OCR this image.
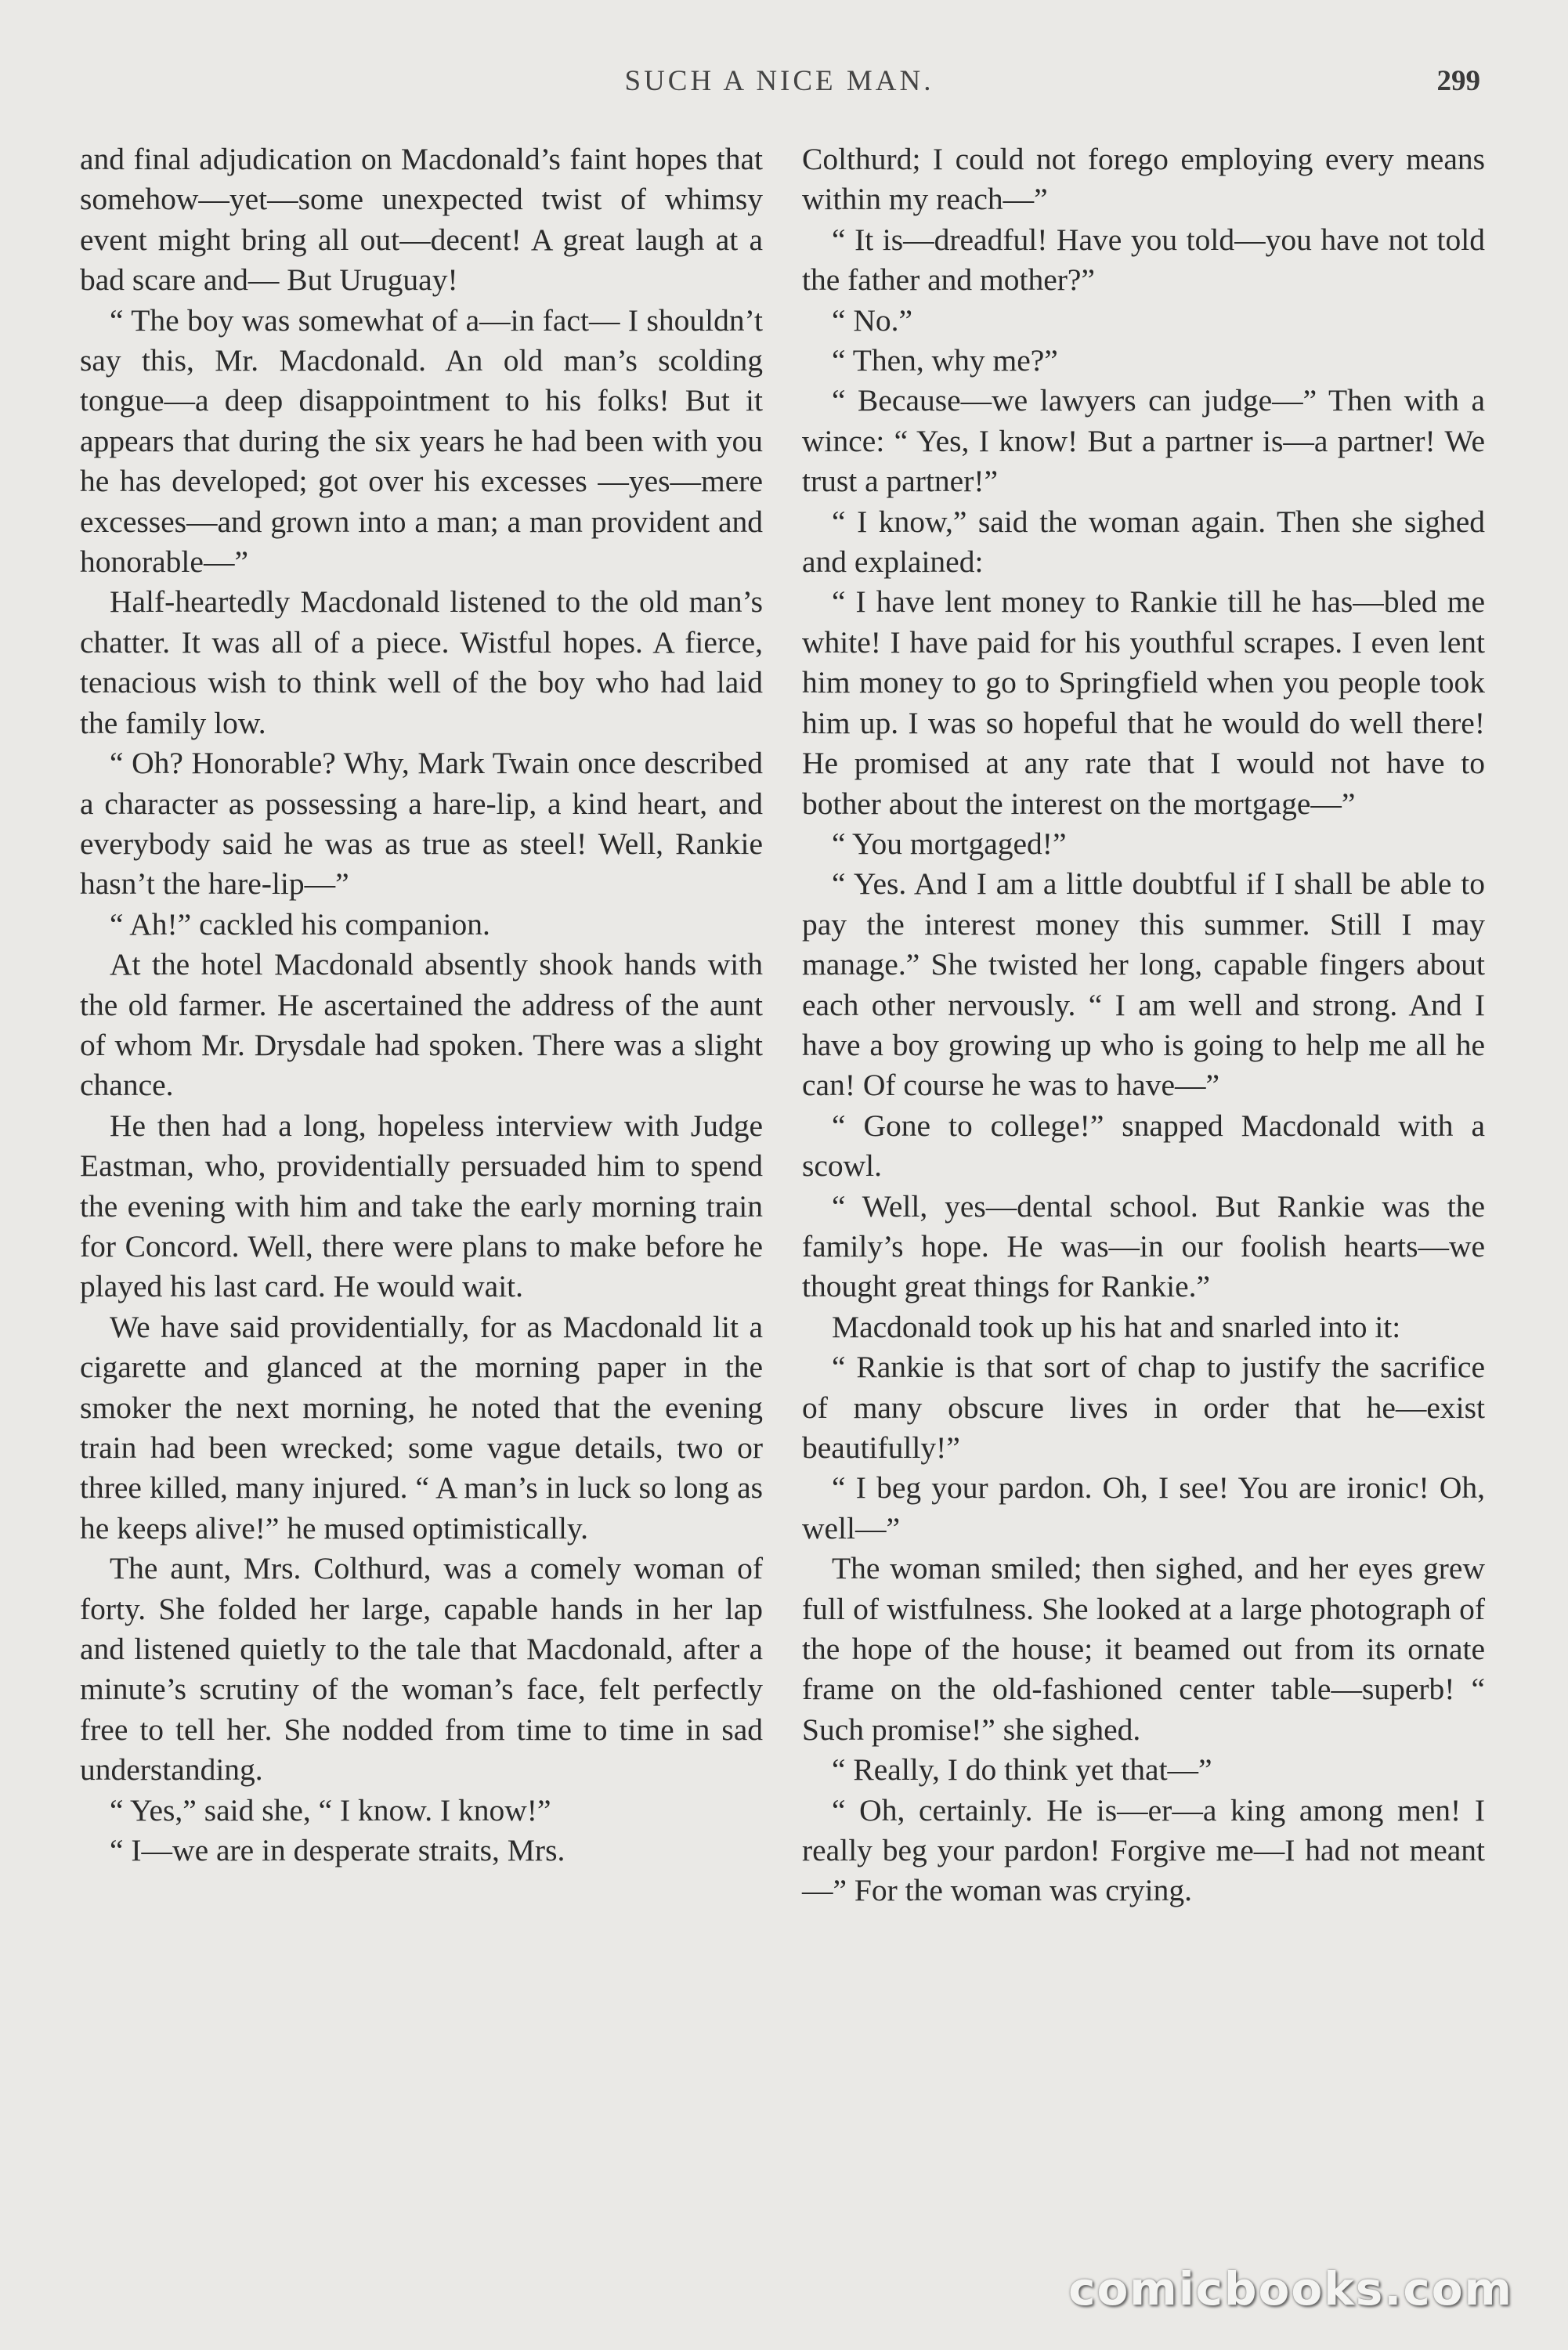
SUCH A NICE MAN.	299

and final adjudication on Macdonald’s faint hopes that somehow—yet—some unexpected twist of whimsy event might bring all out—decent! A great laugh at a bad scare and— But Uruguay!

“ The boy was somewhat of a—in fact— I shouldn’t say this, Mr. Macdonald. An old man’s scolding tongue—a deep disappointment to his folks! But it appears that during the six years he had been with you he has developed; got over his excesses —yes—mere excesses—and grown into a man; a man provident and honorable—”

Half-heartedly Macdonald listened to the old man’s chatter. It was all of a piece. Wistful hopes. A fierce, tenacious wish to think well of the boy who had laid the family low.

“ Oh? Honorable? Why, Mark Twain once described a character as possessing a hare-lip, a kind heart, and everybody said he was as true as steel! Well, Rankie hasn’t the hare-lip—”

“ Ah!” cackled his companion.

At the hotel Macdonald absently shook hands with the old farmer. He ascertained the address of the aunt of whom Mr. Drysdale had spoken. There was a slight chance.

He then had a long, hopeless interview with Judge Eastman, who, providentially persuaded him to spend the evening with him and take the early morning train for Concord. Well, there were plans to make before he played his last card. He would wait.

We have said providentially, for as Macdonald lit a cigarette and glanced at the morning paper in the smoker the next morning, he noted that the evening train had been wrecked; some vague details, two or three killed, many injured. “ A man’s in luck so long as he keeps alive!” he mused optimistically.

The aunt, Mrs. Colthurd, was a comely woman of forty. She folded her large, capable hands in her lap and listened quietly to the tale that Macdonald, after a minute’s scrutiny of the woman’s face, felt perfectly free to tell her. She nodded from time to time in sad understanding.

“ Yes,” said she, “ I know. I know!”

“ I—we are in desperate straits, Mrs.

Colthurd; I could not forego employing every means within my reach—”

“ It is—dreadful! Have you told—you have not told the father and mother?”

“ No.”

“ Then, why me?”

“ Because—we lawyers can judge—” Then with a wince: “ Yes, I know! But a partner is—a partner! We trust a partner!”

“ I know,” said the woman again. Then she sighed and explained:

“ I have lent money to Rankie till he has—bled me white! I have paid for his youthful scrapes. I even lent him money to go to Springfield when you people took him up. I was so hopeful that he would do well there! He promised at any rate that I would not have to bother about the interest on the mortgage—”

“ You mortgaged!”

“ Yes. And I am a little doubtful if I shall be able to pay the interest money this summer. Still I may manage.” She twisted her long, capable fingers about each other nervously. “ I am well and strong. And I have a boy growing up who is going to help me all he can! Of course he was to have—”

“ Gone to college!” snapped Macdonald with a scowl.

“ Well, yes—dental school. But Rankie was the family’s hope. He was—in our foolish hearts—we thought great things for Rankie.”

Macdonald took up his hat and snarled into it:

“ Rankie is that sort of chap to justify the sacrifice of many obscure lives in order that he—exist beautifully!”

“ I beg your pardon. Oh, I see! You are ironic! Oh, well—”

The woman smiled; then sighed, and her eyes grew full of wistfulness. She looked at a large photograph of the hope of the house; it beamed out from its ornate frame on the old-fashioned center table—superb! “ Such promise!” she sighed.

“ Really, I do think yet that—”

“ Oh, certainly. He is—er—a king among men! I really beg your pardon! Forgive me—I had not meant—” For the woman was crying.

comicbooks.com
